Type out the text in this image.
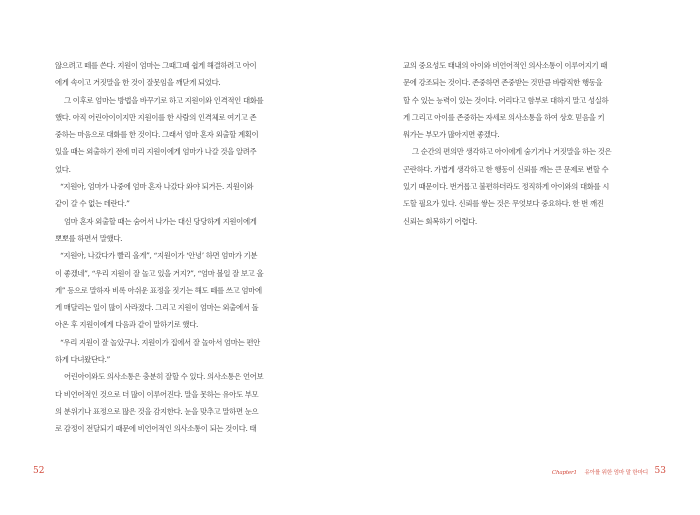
않으려고 떼를 쓴다. 지원이 엄마는 그때그때 쉽게 해결하려고 아이
에게 속이고 거짓말을 한 것이 잘못임을 깨닫게 되었다.
그 이후로 엄마는 방법을 바꾸기로 하고 지원이와 인격적인 대화를
했다. 아직 어린아이이지만 지원이를 한 사람의 인격체로 여기고 존
중하는 마음으로 대화를 한 것이다. 그래서 엄마 혼자 외출할 계획이
있을 때는 외출하기 전에 미리 지원이에게 엄마가 나갈 것을 알려주
었다.
“지원아, 엄마가 나중에 엄마 혼자 나갔다 와야 되거든. 지원이와
같이 갈 수 없는 데란다.”
엄마 혼자 외출할 때는 숨어서 나가는 대신 당당하게 지원이에게
뽀뽀를 하면서 말했다.
“지원아, 나갔다가 빨리 올게”, “지원이가 ‘안녕’ 하면 엄마가 기분
이 좋겠네”, “우리 지원이 잘 놀고 있을 거지?”, “엄마 볼일 잘 보고 올
게” 등으로 말하자 비록 아쉬운 표정을 짓기는 해도 떼를 쓰고 엄마에
게 매달리는 일이 많이 사라졌다. 그리고 지원이 엄마는 외출에서 돌
아온 후 지원이에게 다음과 같이 말하기로 했다.
“우리 지원이 잘 놀았구나. 지원이가 집에서 잘 놀아서 엄마는 편안
하게 다녀왔단다.”
어린아이와도 의사소통은 충분히 잘할 수 있다. 의사소통은 언어보
다 비언어적인 것으로 더 많이 이루어진다. 말을 못하는 유아도 부모
의 분위기나 표정으로 많은 것을 감지한다. 눈을 맞추고 말하면 눈으
로 감정이 전달되기 때문에 비언어적인 의사소통이 되는 것이다. 태
52
교의 중요성도 태내의 아이와 비언어적인 의사소통이 이루어지기 때
문에 강조되는 것이다. 존중하면 존중받는 것만큼 바람직한 행동을
할 수 있는 능력이 있는 것이다. 어리다고 함부로 대하지 말고 성실하
게 그리고 아이를 존중하는 자세로 의사소통을 하여 상호 믿음을 키
워가는 부모가 많아지면 좋겠다.
그 순간의 편의만 생각하고 아이에게 숨기거나 거짓말을 하는 것은
곤란하다. 가볍게 생각하고 한 행동이 신뢰를 깨는 큰 문제로 변할 수
있기 때문이다. 번거롭고 불편하더라도 정직하게 아이와의 대화를 시
도할 필요가 있다. 신뢰를 쌓는 것은 무엇보다 중요하다. 한 번 깨진
신뢰는 회복하기 어렵다.
Chapter1 유아를 위한 엄마 말 한마디 53
